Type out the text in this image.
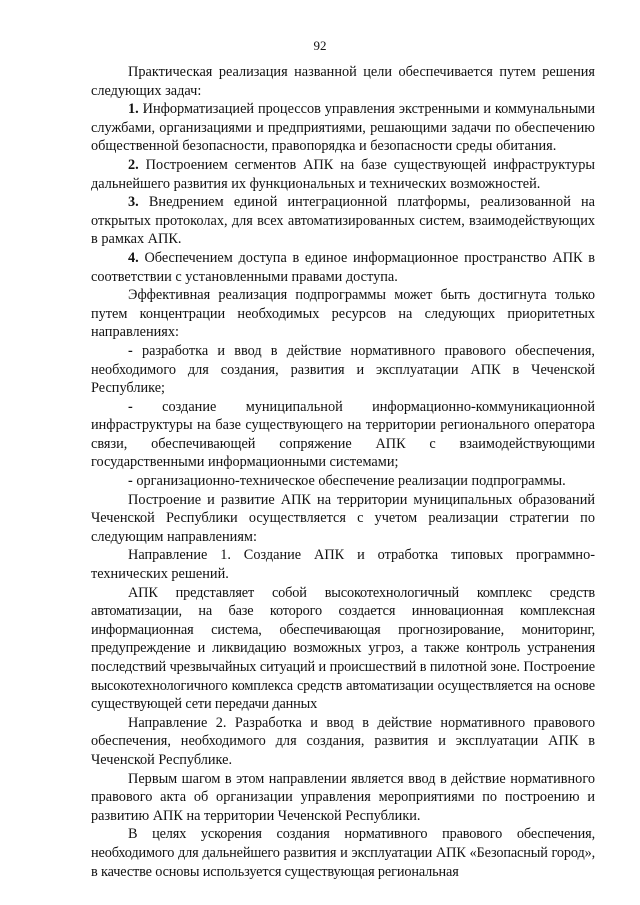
92

Практическая реализация названной цели обеспечивается путем решения следующих задач:

1. Информатизацией процессов управления экстренными и коммунальными службами, организациями и предприятиями, решающими задачи по обеспечению общественной безопасности, правопорядка и безопасности среды обитания.

2. Построением сегментов АПК на базе существующей инфраструктуры дальнейшего развития их функциональных и технических возможностей.

3. Внедрением единой интеграционной платформы, реализованной на открытых протоколах, для всех автоматизированных систем, взаимодействующих в рамках АПК.

4. Обеспечением доступа в единое информационное пространство АПК в соответствии с установленными правами доступа.

Эффективная реализация подпрограммы может быть достигнута только путем концентрации необходимых ресурсов на следующих приоритетных направлениях:

- разработка и ввод в действие нормативного правового обеспечения, необходимого для создания, развития и эксплуатации АПК в Чеченской Республике;

- создание муниципальной информационно-коммуникационной инфраструктуры на базе существующего на территории регионального оператора связи, обеспечивающей сопряжение АПК с взаимодействующими государственными информационными системами;

- организационно-техническое обеспечение реализации подпрограммы.

Построение и развитие АПК на территории муниципальных образований Чеченской Республики осуществляется с учетом реализации стратегии по следующим направлениям:

Направление 1. Создание АПК и отработка типовых программно-технических решений.

АПК представляет собой высокотехнологичный комплекс средств автоматизации, на базе которого создается инновационная комплексная информационная система, обеспечивающая прогнозирование, мониторинг, предупреждение и ликвидацию возможных угроз, а также контроль устранения последствий чрезвычайных ситуаций и происшествий в пилотной зоне. Построение высокотехнологичного комплекса средств автоматизации осуществляется на основе существующей сети передачи данных

Направление 2. Разработка и ввод в действие нормативного правового обеспечения, необходимого для создания, развития и эксплуатации АПК в Чеченской Республике.

Первым шагом в этом направлении является ввод в действие нормативного правового акта об организации управления мероприятиями по построению и развитию АПК на территории Чеченской Республики.

В целях ускорения создания нормативного правового обеспечения, необходимого для дальнейшего развития и эксплуатации АПК «Безопасный город», в качестве основы используется существующая региональная
